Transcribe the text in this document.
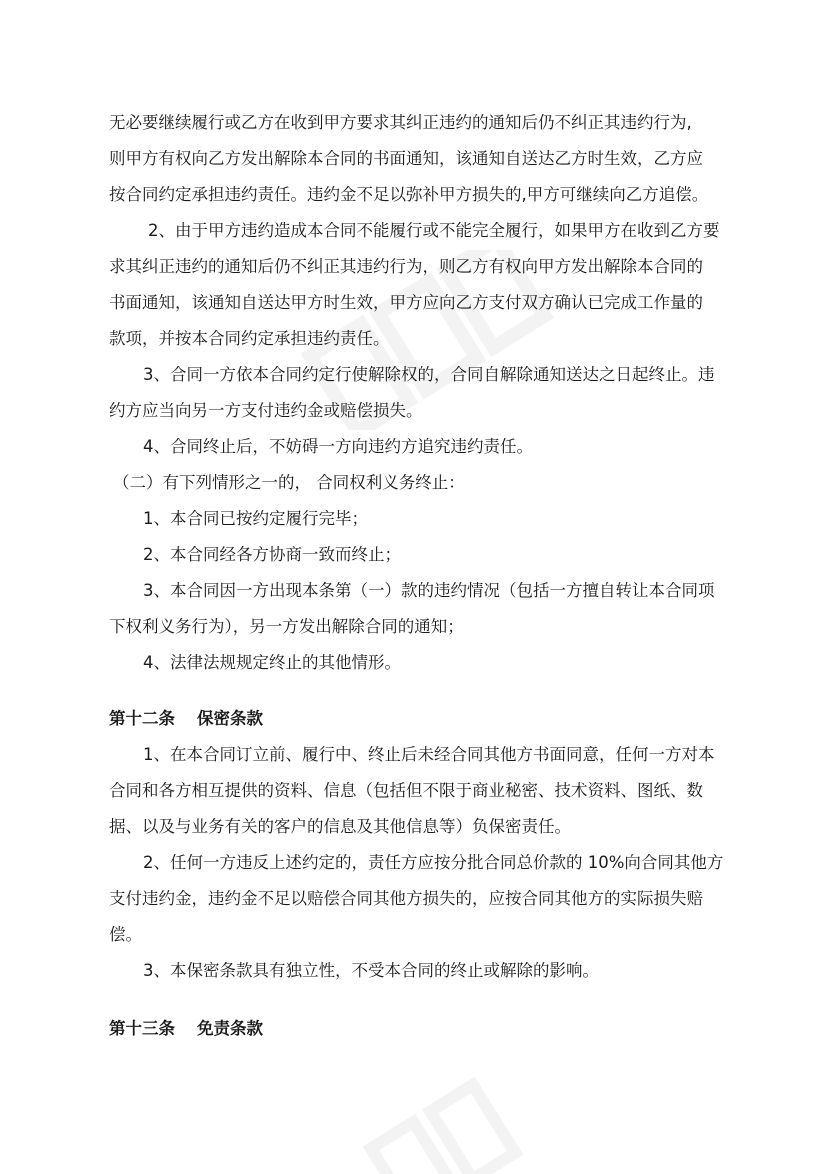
无必要继续履行或乙方在收到甲方要求其纠正违约的通知后仍不纠正其违约行为,
则甲方有权向乙方发出解除本合同的书面通知，该通知自送达乙方时生效，乙方应
按合同约定承担违约责任。违约金不足以弥补甲方损失的,甲方可继续向乙方追偿。
2、由于甲方违约造成本合同不能履行或不能完全履行，如果甲方在收到乙方要
求其纠正违约的通知后仍不纠正其违约行为，则乙方有权向甲方发出解除本合同的
书面通知，该通知自送达甲方时生效，甲方应向乙方支付双方确认已完成工作量的
款项，并按本合同约定承担违约责任。
3、合同一方依本合同约定行使解除权的，合同自解除通知送达之日起终止。违
约方应当向另一方支付违约金或赔偿损失。
4、合同终止后，不妨碍一方向违约方追究违约责任。
（二）有下列情形之一的， 合同权利义务终止：
1、本合同已按约定履行完毕；
2、本合同经各方协商一致而终止；
3、本合同因一方出现本条第（一）款的违约情况（包括一方擅自转让本合同项
下权利义务行为），另一方发出解除合同的通知；
4、法律法规规定终止的其他情形。
第十二条 保密条款
1、在本合同订立前、履行中、终止后未经合同其他方书面同意，任何一方对本
合同和各方相互提供的资料、信息（包括但不限于商业秘密、技术资料、图纸、数
据、以及与业务有关的客户的信息及其他信息等）负保密责任。
2、任何一方违反上述约定的，责任方应按分批合同总价款的 10%向合同其他方
支付违约金，违约金不足以赔偿合同其他方损失的，应按合同其他方的实际损失赔
偿。
3、本保密条款具有独立性，不受本合同的终止或解除的影响。
第十三条 免责条款
